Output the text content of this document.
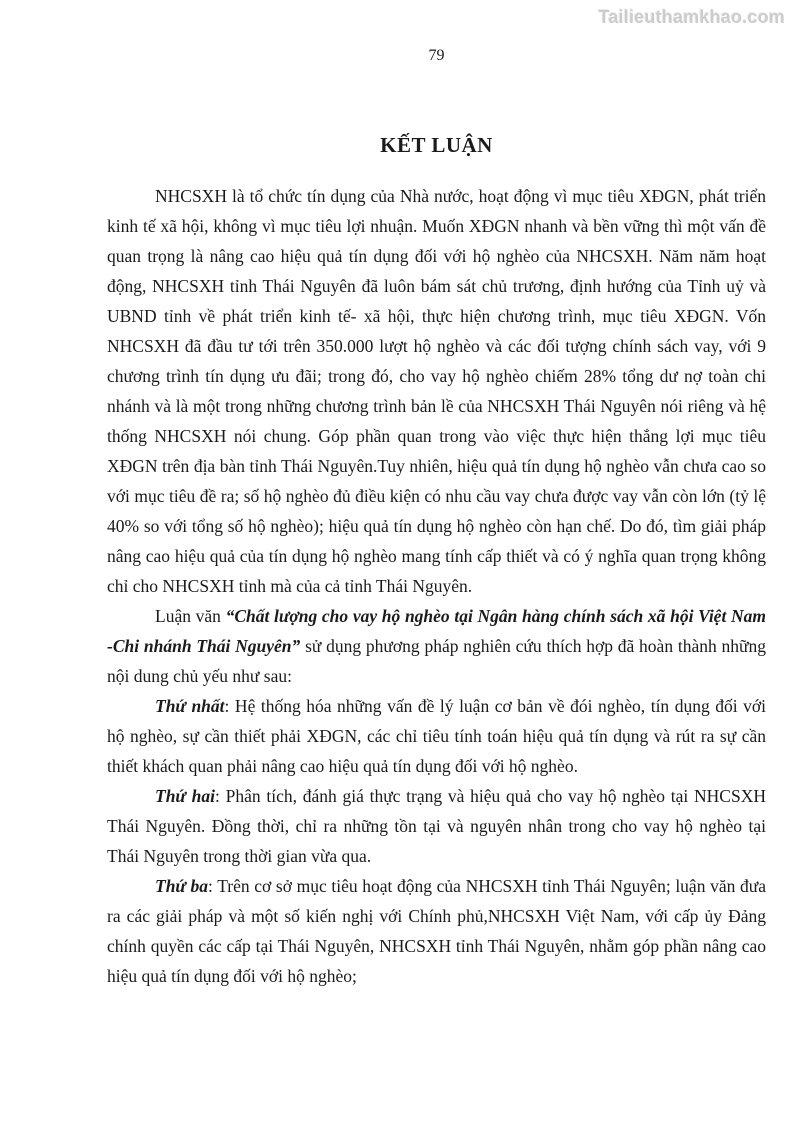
Tailieuthamkhao.com
79
KẾT LUẬN

NHCSXH là tổ chức tín dụng của Nhà nước, hoạt động vì mục tiêu XĐGN, phát triển kinh tế xã hội, không vì mục tiêu lợi nhuận. Muốn XĐGN nhanh và bền vững thì một vấn đề quan trọng là nâng cao hiệu quả tín dụng đối với hộ nghèo của NHCSXH. Năm năm hoạt động, NHCSXH tỉnh Thái Nguyên đã luôn bám sát chủ trương, định hướng của Tỉnh uỷ và UBND tỉnh về phát triển kinh tế- xã hội, thực hiện chương trình, mục tiêu XĐGN. Vốn NHCSXH đã đầu tư tới trên 350.000 lượt hộ nghèo và các đối tượng chính sách vay, với 9 chương trình tín dụng ưu đãi; trong đó, cho vay hộ nghèo chiếm 28% tổng dư nợ toàn chi nhánh và là một trong những chương trình bản lề của NHCSXH Thái Nguyên nói riêng và hệ thống NHCSXH nói chung. Góp phần quan trong vào việc thực hiện thắng lợi mục tiêu XĐGN trên địa bàn tỉnh Thái Nguyên.Tuy nhiên, hiệu quả tín dụng hộ nghèo vẫn chưa cao so với mục tiêu đề ra; số hộ nghèo đủ điều kiện có nhu cầu vay chưa được vay vẫn còn lớn (tỷ lệ 40% so với tổng số hộ nghèo); hiệu quả tín dụng hộ nghèo còn hạn chế. Do đó, tìm giải pháp nâng cao hiệu quả của tín dụng hộ nghèo mang tính cấp thiết và có ý nghĩa quan trọng không chỉ cho NHCSXH tỉnh mà của cả tỉnh Thái Nguyên.

Luận văn “Chất lượng cho vay hộ nghèo tại Ngân hàng chính sách xã hội Việt Nam -Chi nhánh Thái Nguyên” sử dụng phương pháp nghiên cứu thích hợp đã hoàn thành những nội dung chủ yếu như sau:

Thứ nhất: Hệ thống hóa những vấn đề lý luận cơ bản về đói nghèo, tín dụng đối với hộ nghèo, sự cần thiết phải XĐGN, các chỉ tiêu tính toán hiệu quả tín dụng và rút ra sự cần thiết khách quan phải nâng cao hiệu quả tín dụng đối với hộ nghèo.

Thứ hai: Phân tích, đánh giá thực trạng và hiệu quả cho vay hộ nghèo tại NHCSXH Thái Nguyên. Đồng thời, chỉ ra những tồn tại và nguyên nhân trong cho vay hộ nghèo tại Thái Nguyên trong thời gian vừa qua.

Thứ ba: Trên cơ sở mục tiêu hoạt động của NHCSXH tỉnh Thái Nguyên; luận văn đưa ra các giải pháp và một số kiến nghị với Chính phủ,NHCSXH Việt Nam, với cấp ủy Đảng chính quyền các cấp tại Thái Nguyên, NHCSXH tỉnh Thái Nguyên, nhằm góp phần nâng cao hiệu quả tín dụng đối với hộ nghèo;
